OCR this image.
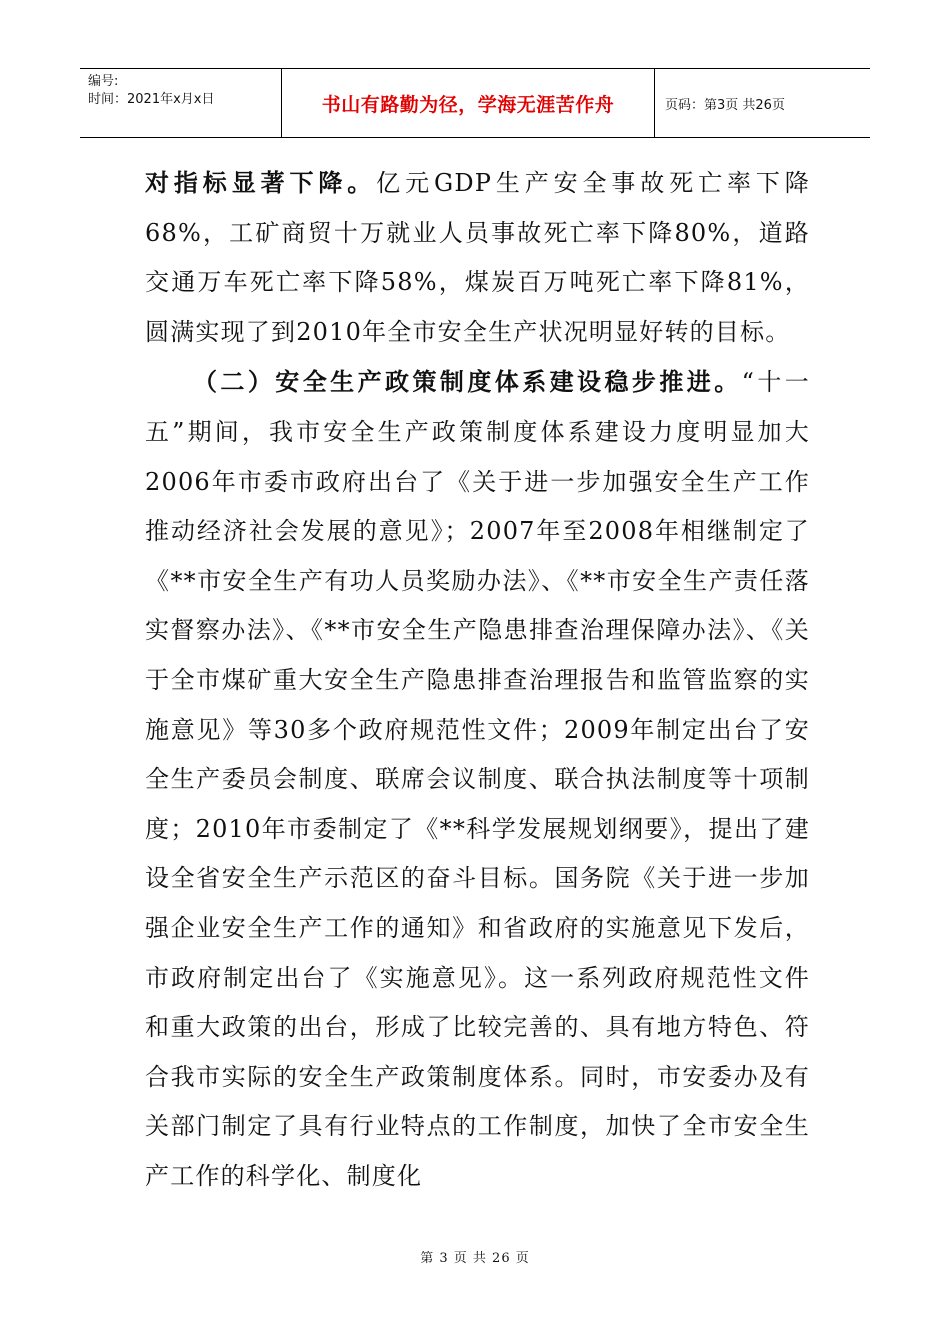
编号:
时间：2021年x月x日	书山有路勤为径，学海无涯苦作舟	页码：第3页 共26页

对指标显著下降。亿元GDP生产安全事故死亡率下降68%，工矿商贸十万就业人员事故死亡率下降80%，道路交通万车死亡率下降58%，煤炭百万吨死亡率下降81%，圆满实现了到2010年全市安全生产状况明显好转的目标。

（二）安全生产政策制度体系建设稳步推进。“十一五”期间，我市安全生产政策制度体系建设力度明显加大2006年市委市政府出台了《关于进一步加强安全生产工作推动经济社会发展的意见》；2007年至2008年相继制定了《**市安全生产有功人员奖励办法》、《**市安全生产责任落实督察办法》、《**市安全生产隐患排查治理保障办法》、《关于全市煤矿重大安全生产隐患排查治理报告和监管监察的实施意见》等30多个政府规范性文件；2009年制定出台了安全生产委员会制度、联席会议制度、联合执法制度等十项制度；2010年市委制定了《**科学发展规划纲要》，提出了建设全省安全生产示范区的奋斗目标。国务院《关于进一步加强企业安全生产工作的通知》和省政府的实施意见下发后，市政府制定出台了《实施意见》。这一系列政府规范性文件和重大政策的出台，形成了比较完善的、具有地方特色、符合我市实际的安全生产政策制度体系。同时，市安委办及有关部门制定了具有行业特点的工作制度，加快了全市安全生产工作的科学化、制度化

第 3 页 共 26 页
